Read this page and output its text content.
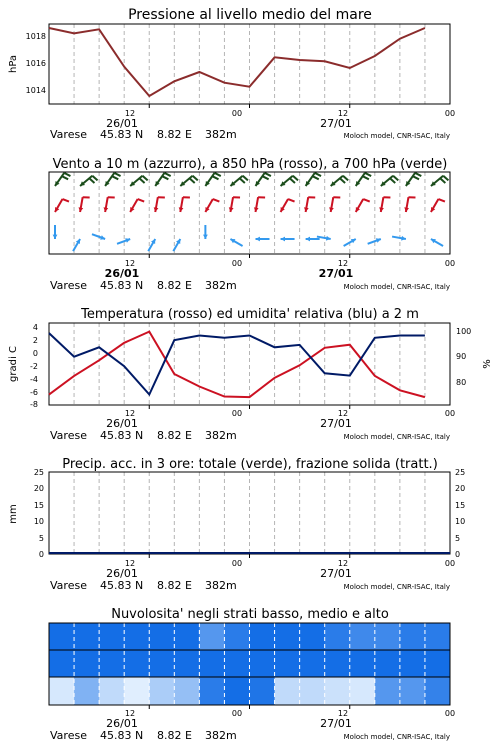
Pressione al livello medio del mare
hPa
1018
1016
1014
12	00	12	00
26/01	27/01
Varese 45.83 N 8.82 E 382m	Moloch model, CNR-ISAC, Italy
Vento a 10 m (azzurro), a 850 hPa (rosso), a 700 hPa (verde)
12	00	12	00
26/01	27/01
Varese 45.83 N 8.82 E 382m	Moloch model, CNR-ISAC, Italy
Temperatura (rosso) ed umidita' relativa (blu) a 2 m
gradi C	%
4
2
0
-2
-4
-6
-8
100
90
80
12	00	12	00
26/01	27/01
Varese 45.83 N 8.82 E 382m	Moloch model, CNR-ISAC, Italy
Precip. acc. in 3 ore: totale (verde), frazione solida (tratt.)
mm
25
20
15
10
5
0
25
20
15
10
5
0
12	00	12	00
26/01	27/01
Varese 45.83 N 8.82 E 382m	Moloch model, CNR-ISAC, Italy
Nuvolosita' negli strati basso, medio e alto
12	00	12	00
26/01	27/01
Varese 45.83 N 8.82 E 382m	Moloch model, CNR-ISAC, Italy
